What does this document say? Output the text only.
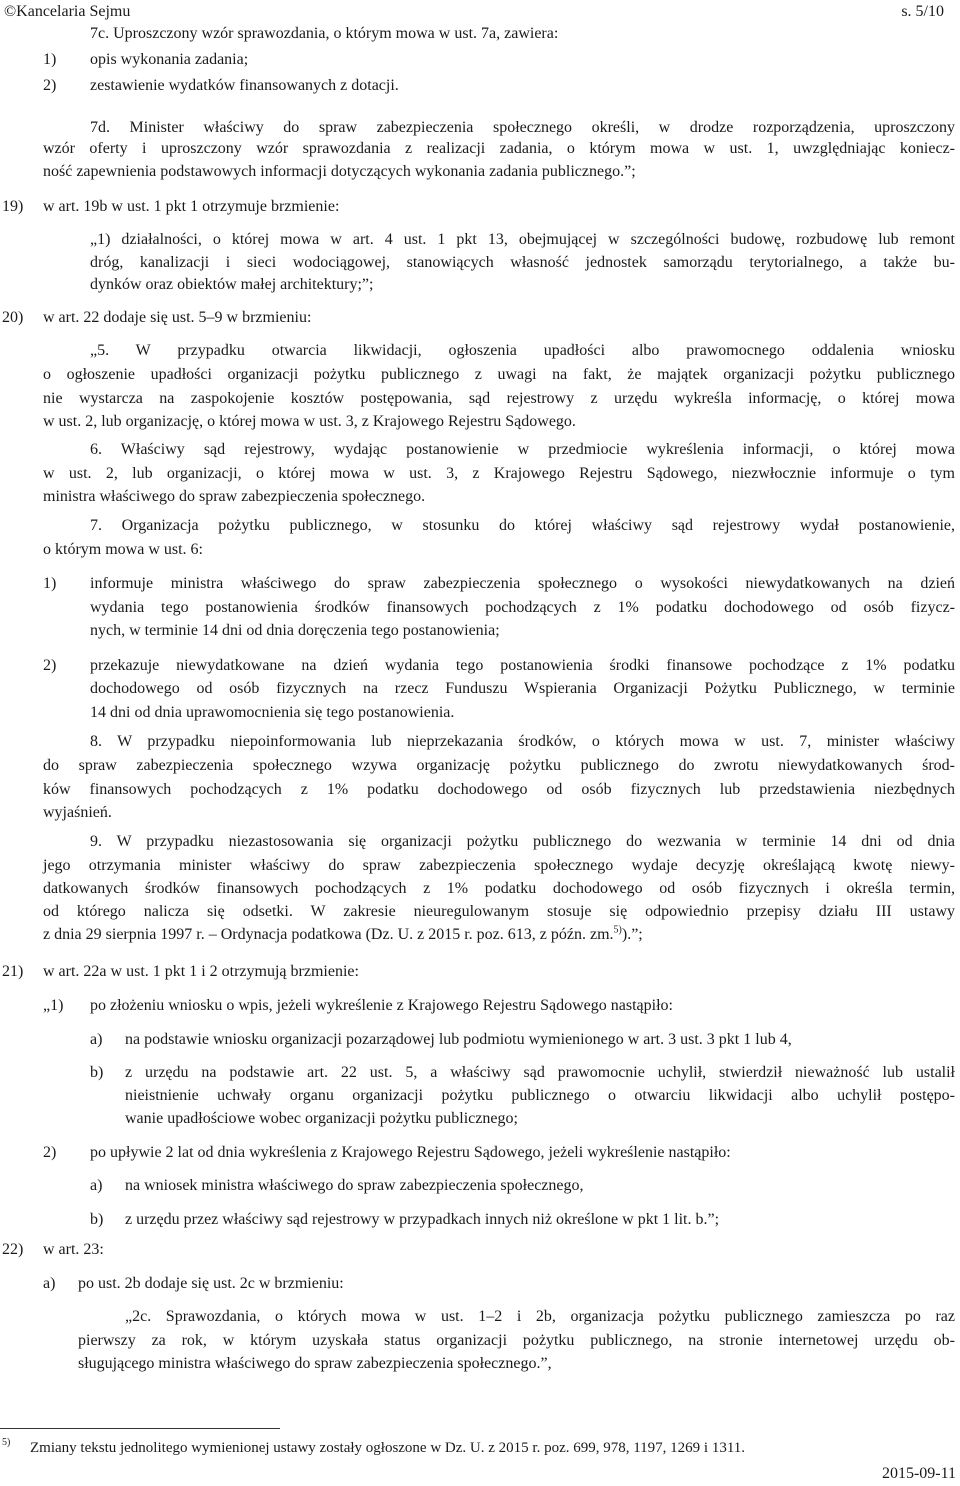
©Kancelaria Sejmu	s. 5/10
7c. Uproszczony wzór sprawozdania, o którym mowa w ust. 7a, zawiera:
1) opis wykonania zadania;
2) zestawienie wydatków finansowanych z dotacji.
7d. Minister właściwy do spraw zabezpieczenia społecznego określi, w drodze rozporządzenia, uproszczony
wzór oferty i uproszczony wzór sprawozdania z realizacji zadania, o którym mowa w ust. 1, uwzględniając koniecz-
ność zapewnienia podstawowych informacji dotyczących wykonania zadania publicznego.”;
19) w art. 19b w ust. 1 pkt 1 otrzymuje brzmienie:
„1) działalności, o której mowa w art. 4 ust. 1 pkt 13, obejmującej w szczególności budowę, rozbudowę lub remont
dróg, kanalizacji i sieci wodociągowej, stanowiących własność jednostek samorządu terytorialnego, a także bu-
dynków oraz obiektów małej architektury;”;
20) w art. 22 dodaje się ust. 5–9 w brzmieniu:
„5. W przypadku otwarcia likwidacji, ogłoszenia upadłości albo prawomocnego oddalenia wniosku
o ogłoszenie upadłości organizacji pożytku publicznego z uwagi na fakt, że majątek organizacji pożytku publicznego
nie wystarcza na zaspokojenie kosztów postępowania, sąd rejestrowy z urzędu wykreśla informację, o której mowa
w ust. 2, lub organizację, o której mowa w ust. 3, z Krajowego Rejestru Sądowego.
6. Właściwy sąd rejestrowy, wydając postanowienie w przedmiocie wykreślenia informacji, o której mowa
w ust. 2, lub organizacji, o której mowa w ust. 3, z Krajowego Rejestru Sądowego, niezwłocznie informuje o tym
ministra właściwego do spraw zabezpieczenia społecznego.
7. Organizacja pożytku publicznego, w stosunku do której właściwy sąd rejestrowy wydał postanowienie,
o którym mowa w ust. 6:
1) informuje ministra właściwego do spraw zabezpieczenia społecznego o wysokości niewydatkowanych na dzień
wydania tego postanowienia środków finansowych pochodzących z 1% podatku dochodowego od osób fizycz-
nych, w terminie 14 dni od dnia doręczenia tego postanowienia;
2) przekazuje niewydatkowane na dzień wydania tego postanowienia środki finansowe pochodzące z 1% podatku
dochodowego od osób fizycznych na rzecz Funduszu Wspierania Organizacji Pożytku Publicznego, w terminie
14 dni od dnia uprawomocnienia się tego postanowienia.
8. W przypadku niepoinformowania lub nieprzekazania środków, o których mowa w ust. 7, minister właściwy
do spraw zabezpieczenia społecznego wzywa organizację pożytku publicznego do zwrotu niewydatkowanych środ-
ków finansowych pochodzących z 1% podatku dochodowego od osób fizycznych lub przedstawienia niezbędnych
wyjaśnień.
9. W przypadku niezastosowania się organizacji pożytku publicznego do wezwania w terminie 14 dni od dnia
jego otrzymania minister właściwy do spraw zabezpieczenia społecznego wydaje decyzję określającą kwotę niewy-
datkowanych środków finansowych pochodzących z 1% podatku dochodowego od osób fizycznych i określa termin,
od którego nalicza się odsetki. W zakresie nieuregulowanym stosuje się odpowiednio przepisy działu III ustawy
z dnia 29 sierpnia 1997 r. – Ordynacja podatkowa (Dz. U. z 2015 r. poz. 613, z późn. zm.$^{5)}$).”;
21) w art. 22a w ust. 1 pkt 1 i 2 otrzymują brzmienie:
„1) po złożeniu wniosku o wpis, jeżeli wykreślenie z Krajowego Rejestru Sądowego nastąpiło:
a) na podstawie wniosku organizacji pozarządowej lub podmiotu wymienionego w art. 3 ust. 3 pkt 1 lub 4,
b) z urzędu na podstawie art. 22 ust. 5, a właściwy sąd prawomocnie uchylił, stwierdził nieważność lub ustalił
nieistnienie uchwały organu organizacji pożytku publicznego o otwarciu likwidacji albo uchylił postępo-
wanie upadłościowe wobec organizacji pożytku publicznego;
2) po upływie 2 lat od dnia wykreślenia z Krajowego Rejestru Sądowego, jeżeli wykreślenie nastąpiło:
a) na wniosek ministra właściwego do spraw zabezpieczenia społecznego,
b) z urzędu przez właściwy sąd rejestrowy w przypadkach innych niż określone w pkt 1 lit. b.”;
22) w art. 23:
a) po ust. 2b dodaje się ust. 2c w brzmieniu:
„2c. Sprawozdania, o których mowa w ust. 1–2 i 2b, organizacja pożytku publicznego zamieszcza po raz
pierwszy za rok, w którym uzyskała status organizacji pożytku publicznego, na stronie internetowej urzędu ob-
sługującego ministra właściwego do spraw zabezpieczenia społecznego.”,
5) Zmiany tekstu jednolitego wymienionej ustawy zostały ogłoszone w Dz. U. z 2015 r. poz. 699, 978, 1197, 1269 i 1311.
2015-09-11
